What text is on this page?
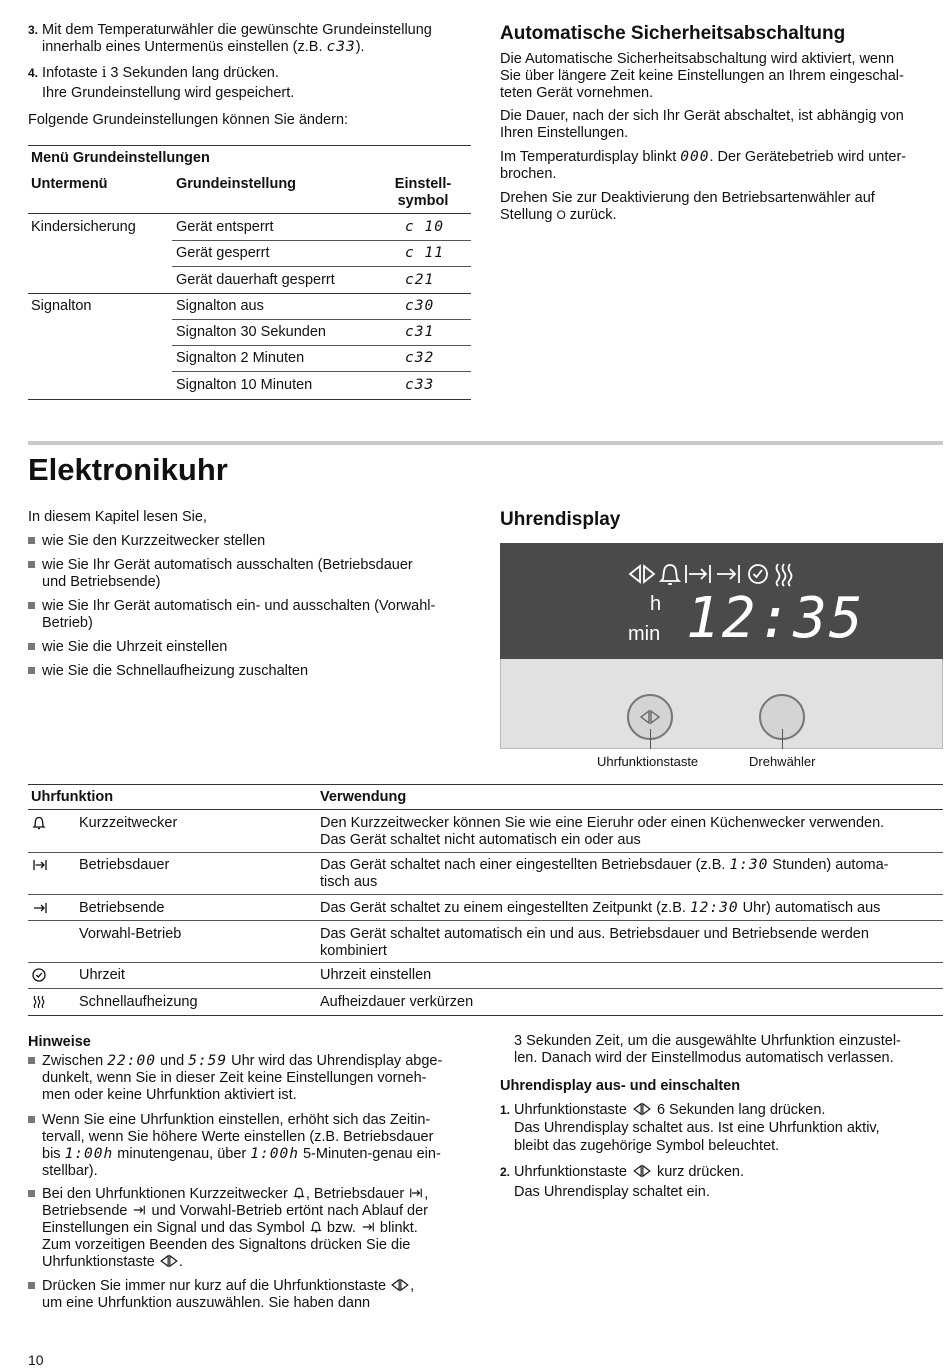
3. Mit dem Temperaturwähler die gewünschte Grundeinstellung
innerhalb eines Untermenüs einstellen (z.B. c33).
4. Infotaste i 3 Sekunden lang drücken.
Ihre Grundeinstellung wird gespeichert.

Folgende Grundeinstellungen können Sie ändern:

Menü Grundeinstellungen
Untermenü	Grundeinstellung	Einstell-
symbol
Kindersicherung	Gerät entsperrt	c 10
Gerät gesperrt	c 11
Gerät dauerhaft gesperrt	c21
Signalton	Signalton aus	c30
Signalton 30 Sekunden	c31
Signalton 2 Minuten	c32
Signalton 10 Minuten	c33
Automatische Sicherheitsabschaltung
Die Automatische Sicherheitsabschaltung wird aktiviert, wenn
Sie über längere Zeit keine Einstellungen an Ihrem eingeschal-
teten Gerät vornehmen.
Die Dauer, nach der sich Ihr Gerät abschaltet, ist abhängig von
Ihren Einstellungen.
Im Temperaturdisplay blinkt 000. Der Gerätebetrieb wird unter-
brochen.
Drehen Sie zur Deaktivierung den Betriebsartenwähler auf
Stellung O zurück.
Elektronikuhr
In diesem Kapitel lesen Sie,
wie Sie den Kurzzeitwecker stellen
wie Sie Ihr Gerät automatisch ausschalten (Betriebsdauer
und Betriebsende)
wie Sie Ihr Gerät automatisch ein- und ausschalten (Vorwahl-
Betrieb)
wie Sie die Uhrzeit einstellen
wie Sie die Schnellaufheizung zuschalten
Uhrendisplay
h
min 12:35
Uhrfunktionstaste	Drehwähler
Uhrfunktion	Verwendung
Kurzzeitwecker	Den Kurzzeitwecker können Sie wie eine Eieruhr oder einen Küchenwecker verwenden.
Das Gerät schaltet nicht automatisch ein oder aus
Betriebsdauer	Das Gerät schaltet nach einer eingestellten Betriebsdauer (z.B. 1:30 Stunden) automa-
tisch aus
Betriebsende	Das Gerät schaltet zu einem eingestellten Zeitpunkt (z.B. 12:30 Uhr) automatisch aus
Vorwahl-Betrieb	Das Gerät schaltet automatisch ein und aus. Betriebsdauer und Betriebsende werden
kombiniert
Uhrzeit	Uhrzeit einstellen
Schnellaufheizung	Aufheizdauer verkürzen
Hinweise
Zwischen 22:00 und 5:59 Uhr wird das Uhrendisplay abge-
dunkelt, wenn Sie in dieser Zeit keine Einstellungen vorneh-
men oder keine Uhrfunktion aktiviert ist.
Wenn Sie eine Uhrfunktion einstellen, erhöht sich das Zeitin-
tervall, wenn Sie höhere Werte einstellen (z.B. Betriebsdauer
bis 1:00h minutengenau, über 1:00h 5-Minuten-genau ein-
stellbar).
Bei den Uhrfunktionen Kurzzeitwecker , Betriebsdauer ,
Betriebsende  und Vorwahl-Betrieb ertönt nach Ablauf der
Einstellungen ein Signal und das Symbol  bzw.  blinkt.
Zum vorzeitigen Beenden des Signaltons drücken Sie die
Uhrfunktionstaste .
Drücken Sie immer nur kurz auf die Uhrfunktionstaste ,
um eine Uhrfunktion auszuwählen. Sie haben dann
3 Sekunden Zeit, um die ausgewählte Uhrfunktion einzustel-
len. Danach wird der Einstellmodus automatisch verlassen.
Uhrendisplay aus- und einschalten
1. Uhrfunktionstaste  6 Sekunden lang drücken.
Das Uhrendisplay schaltet aus. Ist eine Uhrfunktion aktiv,
bleibt das zugehörige Symbol beleuchtet.
2. Uhrfunktionstaste  kurz drücken.
Das Uhrendisplay schaltet ein.
10
